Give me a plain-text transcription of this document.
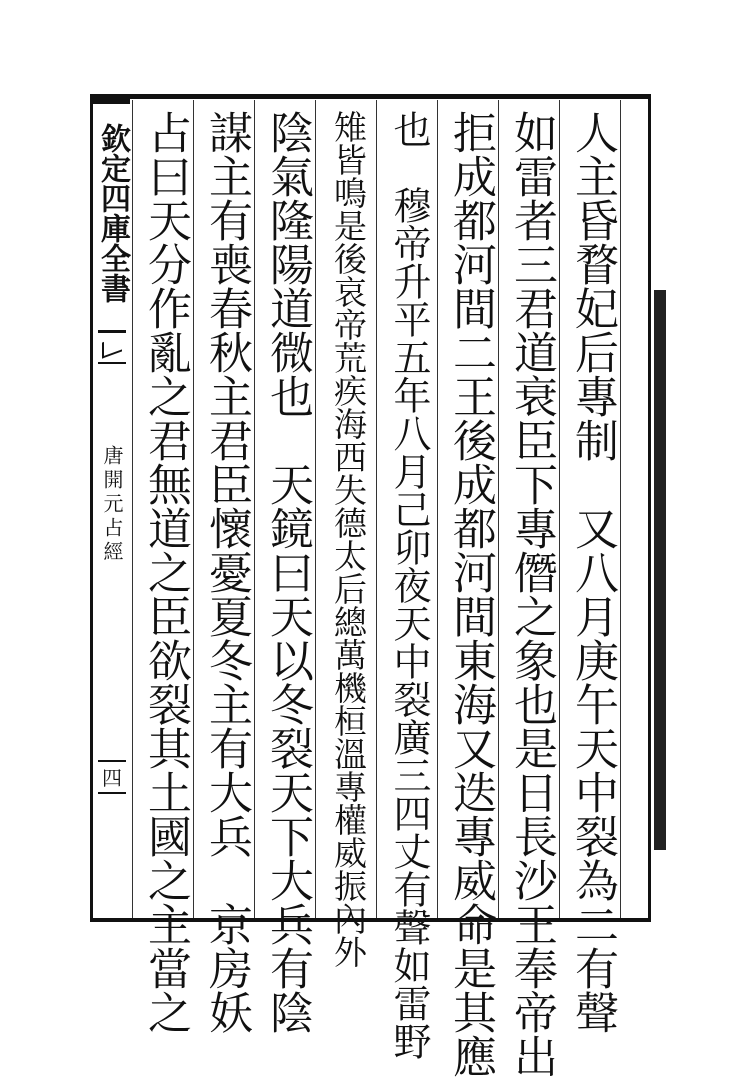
欽定四庫全書
唐開元占經
四	人主昏瞀妃后專制　又八月庚午天中裂為二有聲
如雷者三君道衰臣下專僭之象也是日長沙王奉帝出
拒成都河間二王後成都河間東海又迭專威命是其應
也　穆帝升平五年八月己卯夜天中裂廣三四丈有聲如雷野
雉皆鳴是後哀帝荒疾海西失德太后總萬機桓溫專權威振內外
陰氣隆陽道微也　天鏡曰天以冬裂天下大兵有陰
謀主有喪春秋主君臣懷憂夏冬主有大兵　京房妖
占曰天分作亂之君無道之臣欲裂其土國之主當之
